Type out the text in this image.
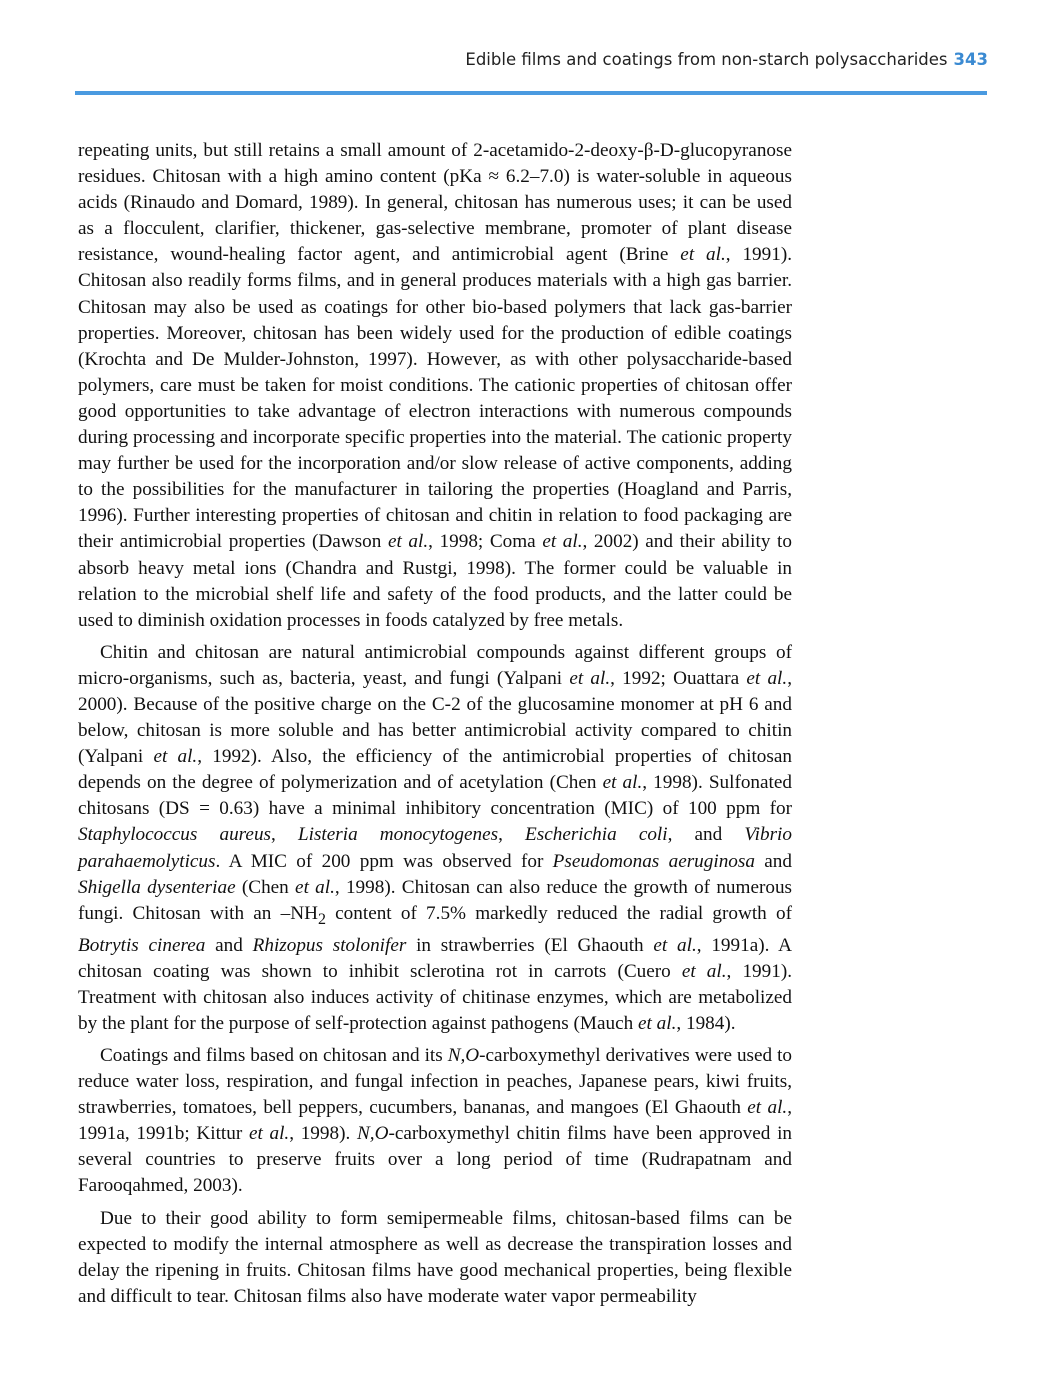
Edible films and coatings from non-starch polysaccharides 343

repeating units, but still retains a small amount of 2-acetamido-2-deoxy-β-D-glucopyranose residues. Chitosan with a high amino content (pKa ≈ 6.2–7.0) is water-soluble in aqueous acids (Rinaudo and Domard, 1989). In general, chitosan has numerous uses; it can be used as a flocculent, clarifier, thickener, gas-selective membrane, promoter of plant disease resistance, wound-healing factor agent, and antimicrobial agent (Brine et al., 1991). Chitosan also readily forms films, and in general produces materials with a high gas barrier. Chitosan may also be used as coatings for other bio-based polymers that lack gas-barrier properties. Moreover, chitosan has been widely used for the production of edible coatings (Krochta and De Mulder-Johnston, 1997). However, as with other polysaccharide-based polymers, care must be taken for moist conditions. The cationic properties of chitosan offer good opportunities to take advantage of electron interactions with numerous compounds during processing and incorporate specific properties into the material. The cationic property may further be used for the incorporation and/or slow release of active components, adding to the possibilities for the manufacturer in tailoring the properties (Hoagland and Parris, 1996). Further interesting properties of chitosan and chitin in relation to food packaging are their antimicrobial properties (Dawson et al., 1998; Coma et al., 2002) and their ability to absorb heavy metal ions (Chandra and Rustgi, 1998). The former could be valuable in relation to the microbial shelf life and safety of the food products, and the latter could be used to diminish oxidation processes in foods catalyzed by free metals.

Chitin and chitosan are natural antimicrobial compounds against different groups of micro-organisms, such as, bacteria, yeast, and fungi (Yalpani et al., 1992; Ouattara et al., 2000). Because of the positive charge on the C-2 of the glucosamine monomer at pH 6 and below, chitosan is more soluble and has better antimicrobial activity compared to chitin (Yalpani et al., 1992). Also, the efficiency of the antimicrobial properties of chitosan depends on the degree of polymerization and of acetylation (Chen et al., 1998). Sulfonated chitosans (DS = 0.63) have a minimal inhibitory concentration (MIC) of 100 ppm for Staphylococcus aureus, Listeria monocytogenes, Escherichia coli, and Vibrio parahaemolyticus. A MIC of 200 ppm was observed for Pseudomonas aeruginosa and Shigella dysenteriae (Chen et al., 1998). Chitosan can also reduce the growth of numerous fungi. Chitosan with an $-NH_2$ content of 7.5% markedly reduced the radial growth of Botrytis cinerea and Rhizopus stolonifer in strawberries (El Ghaouth et al., 1991a). A chitosan coating was shown to inhibit sclerotina rot in carrots (Cuero et al., 1991). Treatment with chitosan also induces activity of chitinase enzymes, which are metabolized by the plant for the purpose of self-protection against pathogens (Mauch et al., 1984).

Coatings and films based on chitosan and its N,O-carboxymethyl derivatives were used to reduce water loss, respiration, and fungal infection in peaches, Japanese pears, kiwi fruits, strawberries, tomatoes, bell peppers, cucumbers, bananas, and mangoes (El Ghaouth et al., 1991a, 1991b; Kittur et al., 1998). N,O-carboxymethyl chitin films have been approved in several countries to preserve fruits over a long period of time (Rudrapatnam and Farooqahmed, 2003).

Due to their good ability to form semipermeable films, chitosan-based films can be expected to modify the internal atmosphere as well as decrease the transpiration losses and delay the ripening in fruits. Chitosan films have good mechanical properties, being flexible and difficult to tear. Chitosan films also have moderate water vapor permeability
